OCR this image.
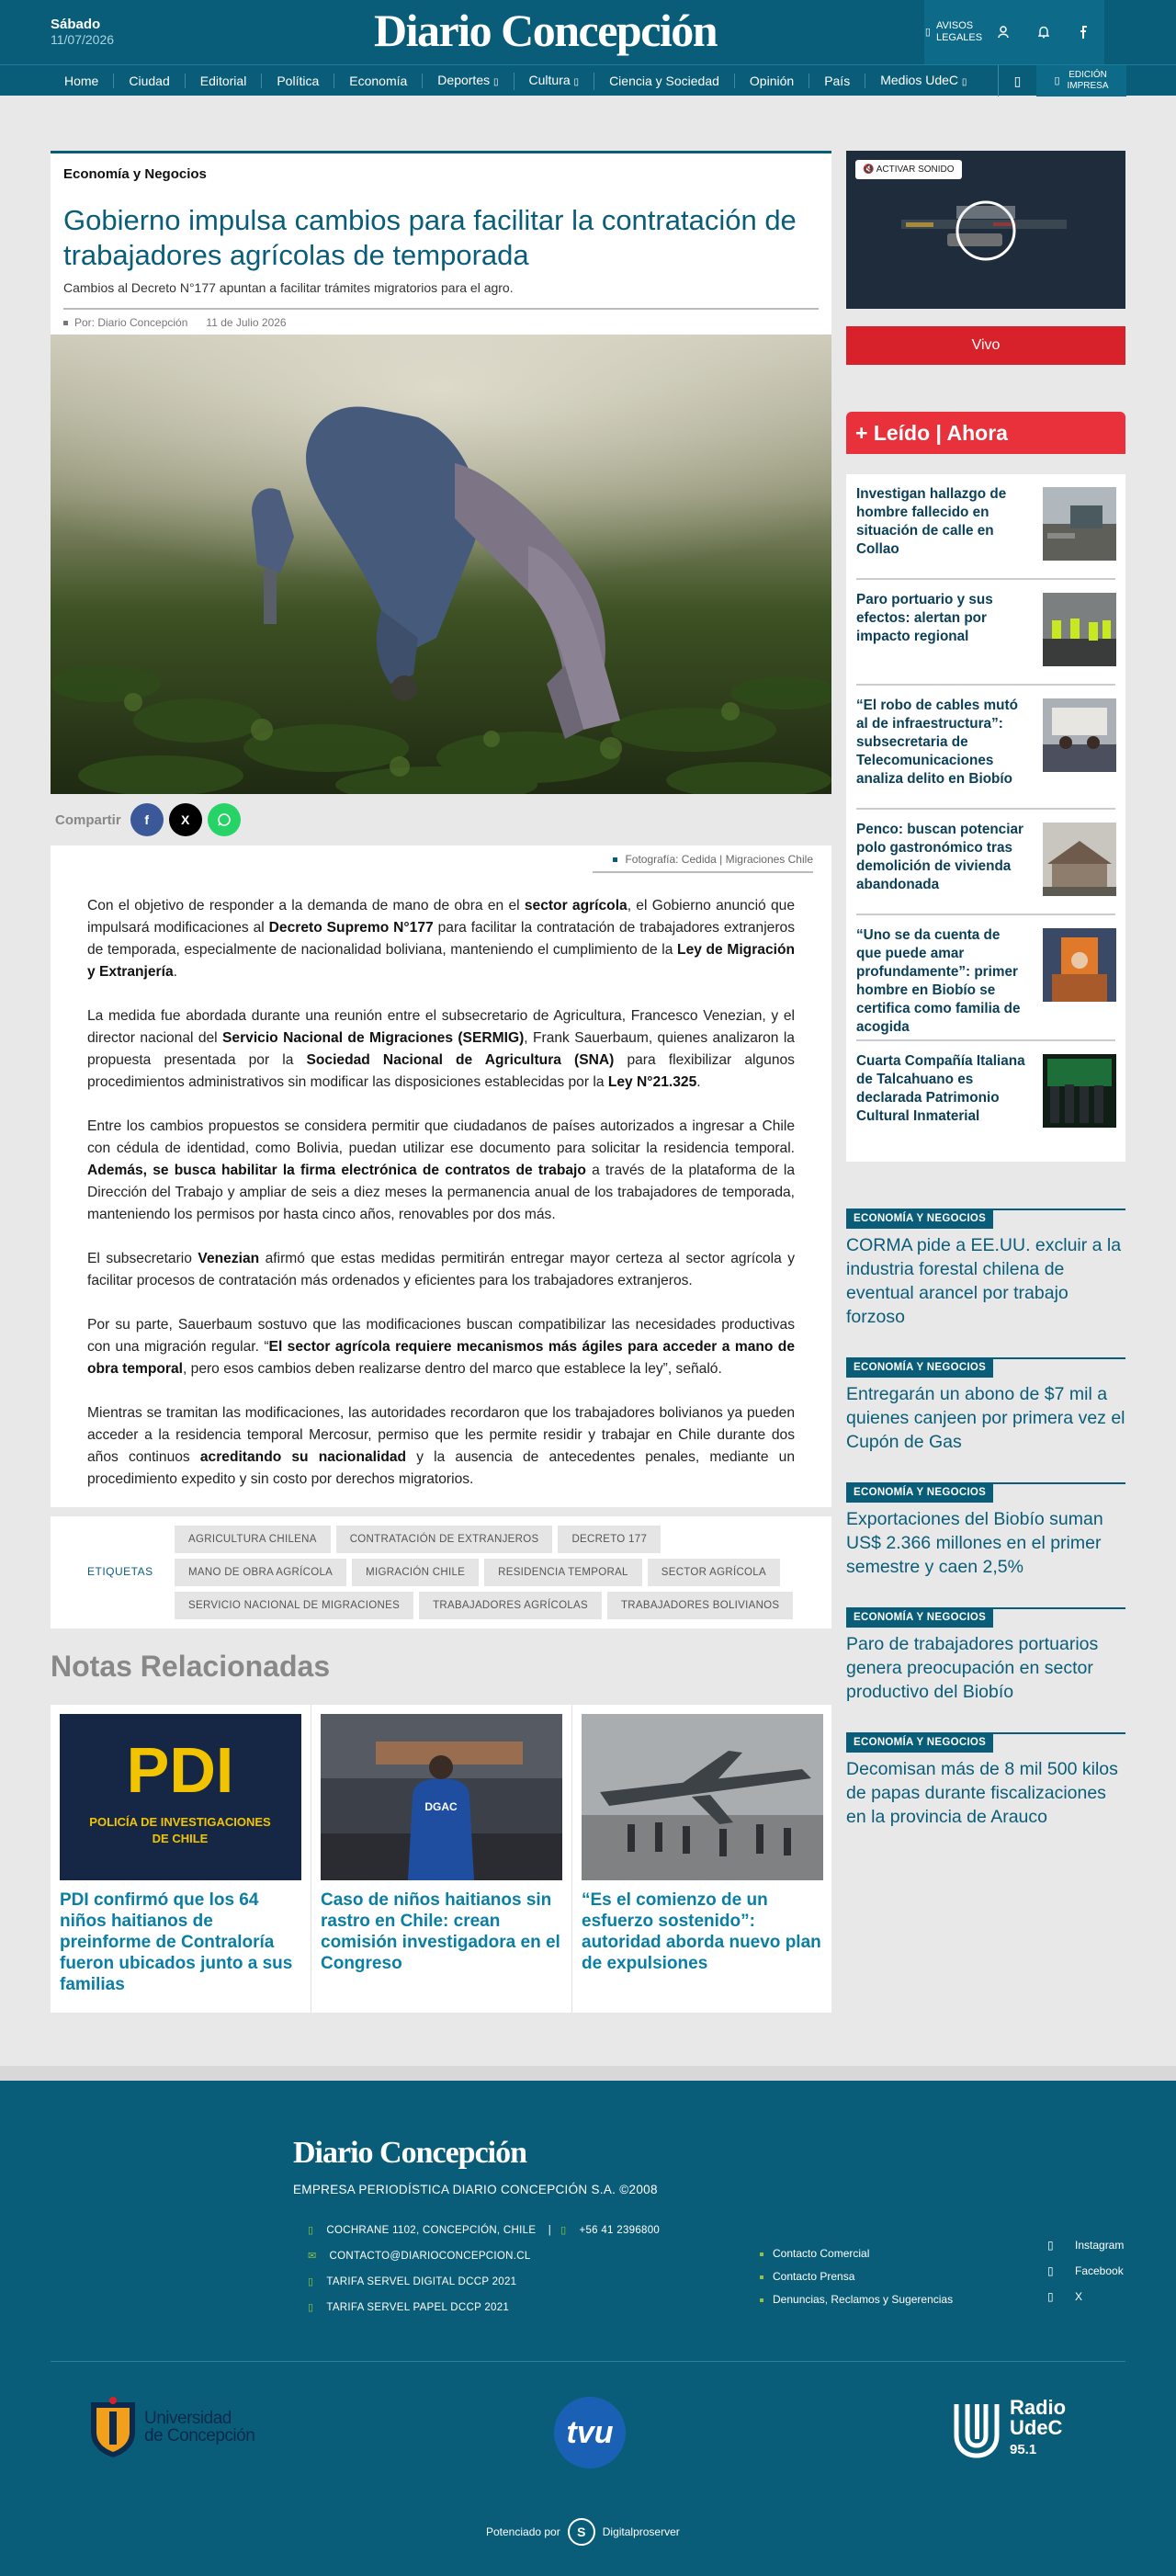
Sábado
11/07/2026	Diario Concepción	▯
AVISOS
LEGALES
Home	Ciudad	Editorial	Política	Economía	Deportes ▯	Cultura ▯	Ciencia y Sociedad	Opinión	País	Medios UdeC ▯	▯	▯
EDICIÓN
IMPRESA
Economía y Negocios
Gobierno impulsa cambios para facilitar la contratación de trabajadores agrícolas de temporada
Cambios al Decreto N°177 apuntan a facilitar trámites migratorios para el agro.
Por: Diario Concepción 11 de Julio 2026
Compartir	f	X
Fotografía: Cedida | Migraciones Chile

Con el objetivo de responder a la demanda de mano de obra en el sector agrícola, el Gobierno anunció que impulsará modificaciones al Decreto Supremo N°177 para facilitar la contratación de trabajadores extranjeros de temporada, especialmente de nacionalidad boliviana, manteniendo el cumplimiento de la Ley de Migración y Extranjería.

La medida fue abordada durante una reunión entre el subsecretario de Agricultura, Francesco Venezian, y el director nacional del Servicio Nacional de Migraciones (SERMIG), Frank Sauerbaum, quienes analizaron la propuesta presentada por la Sociedad Nacional de Agricultura (SNA) para flexibilizar algunos procedimientos administrativos sin modificar las disposiciones establecidas por la Ley N°21.325.

Entre los cambios propuestos se considera permitir que ciudadanos de países autorizados a ingresar a Chile con cédula de identidad, como Bolivia, puedan utilizar ese documento para solicitar la residencia temporal. Además, se busca habilitar la firma electrónica de contratos de trabajo a través de la plataforma de la Dirección del Trabajo y ampliar de seis a diez meses la permanencia anual de los trabajadores de temporada, manteniendo los permisos por hasta cinco años, renovables por dos más.

El subsecretario Venezian afirmó que estas medidas permitirán entregar mayor certeza al sector agrícola y facilitar procesos de contratación más ordenados y eficientes para los trabajadores extranjeros.

Por su parte, Sauerbaum sostuvo que las modificaciones buscan compatibilizar las necesidades productivas con una migración regular. “El sector agrícola requiere mecanismos más ágiles para acceder a mano de obra temporal, pero esos cambios deben realizarse dentro del marco que establece la ley”, señaló.

Mientras se tramitan las modificaciones, las autoridades recordaron que los trabajadores bolivianos ya pueden acceder a la residencia temporal Mercosur, permiso que les permite residir y trabajar en Chile durante dos años continuos acreditando su nacionalidad y la ausencia de antecedentes penales, mediante un procedimiento expedito y sin costo por derechos migratorios.

ETIQUETAS
AGRICULTURA CHILENA	CONTRATACIÓN DE EXTRANJEROS	DECRETO 177
MANO DE OBRA AGRÍCOLA	MIGRACIÓN CHILE	RESIDENCIA TEMPORAL	SECTOR AGRÍCOLA
SERVICIO NACIONAL DE MIGRACIONES	TRABAJADORES AGRÍCOLAS	TRABAJADORES BOLIVIANOS
Notas Relacionadas
PDI
POLICÍA DE INVESTIGACIONES
DE CHILE
PDI confirmó que los 64 niños haitianos de preinforme de Contraloría fueron ubicados junto a sus familias
DGAC
Caso de niños haitianos sin rastro en Chile: crean comisión investigadora en el Congreso
“Es el comienzo de un esfuerzo sostenido”: autoridad aborda nuevo plan de expulsiones
🔇 ACTIVAR SONIDO
Vivo
+ Leído | Ahora
Investigan hallazgo de hombre fallecido en situación de calle en Collao
Paro portuario y sus efectos: alertan por impacto regional
“El robo de cables mutó al de infraestructura”: subsecretaria de Telecomunicaciones analiza delito en Biobío
Penco: buscan potenciar polo gastronómico tras demolición de vivienda abandonada
“Uno se da cuenta de que puede amar profundamente”: primer hombre en Biobío se certifica como familia de acogida
Cuarta Compañía Italiana de Talcahuano es declarada Patrimonio Cultural Inmaterial
ECONOMÍA Y NEGOCIOS
CORMA pide a EE.UU. excluir a la industria forestal chilena de eventual arancel por trabajo forzoso
ECONOMÍA Y NEGOCIOS
Entregarán un abono de $7 mil a quienes canjeen por primera vez el Cupón de Gas
ECONOMÍA Y NEGOCIOS
Exportaciones del Biobío suman US$ 2.366 millones en el primer semestre y caen 2,5%
ECONOMÍA Y NEGOCIOS
Paro de trabajadores portuarios genera preocupación en sector productivo del Biobío
ECONOMÍA Y NEGOCIOS
Decomisan más de 8 mil 500 kilos de papas durante fiscalizaciones en la provincia de Arauco
Diario Concepción
EMPRESA PERIODÍSTICA DIARIO CONCEPCIÓN S.A. ©2008
▯ COCHRANE 1102, CONCEPCIÓN, CHILE | ▯ +56 41 2396800
✉ CONTACTO@DIARIOCONCEPCION.CL
▯ TARIFA SERVEL DIGITAL DCCP 2021
▯ TARIFA SERVEL PAPEL DCCP 2021
Contacto Comercial
Contacto Prensa
Denuncias, Reclamos y Sugerencias
▯ Instagram
▯ Facebook
▯ X
Universidad
de Concepción	tvu
Radio
UdeC
95.1
Potenciado por	S	Digitalproserver
